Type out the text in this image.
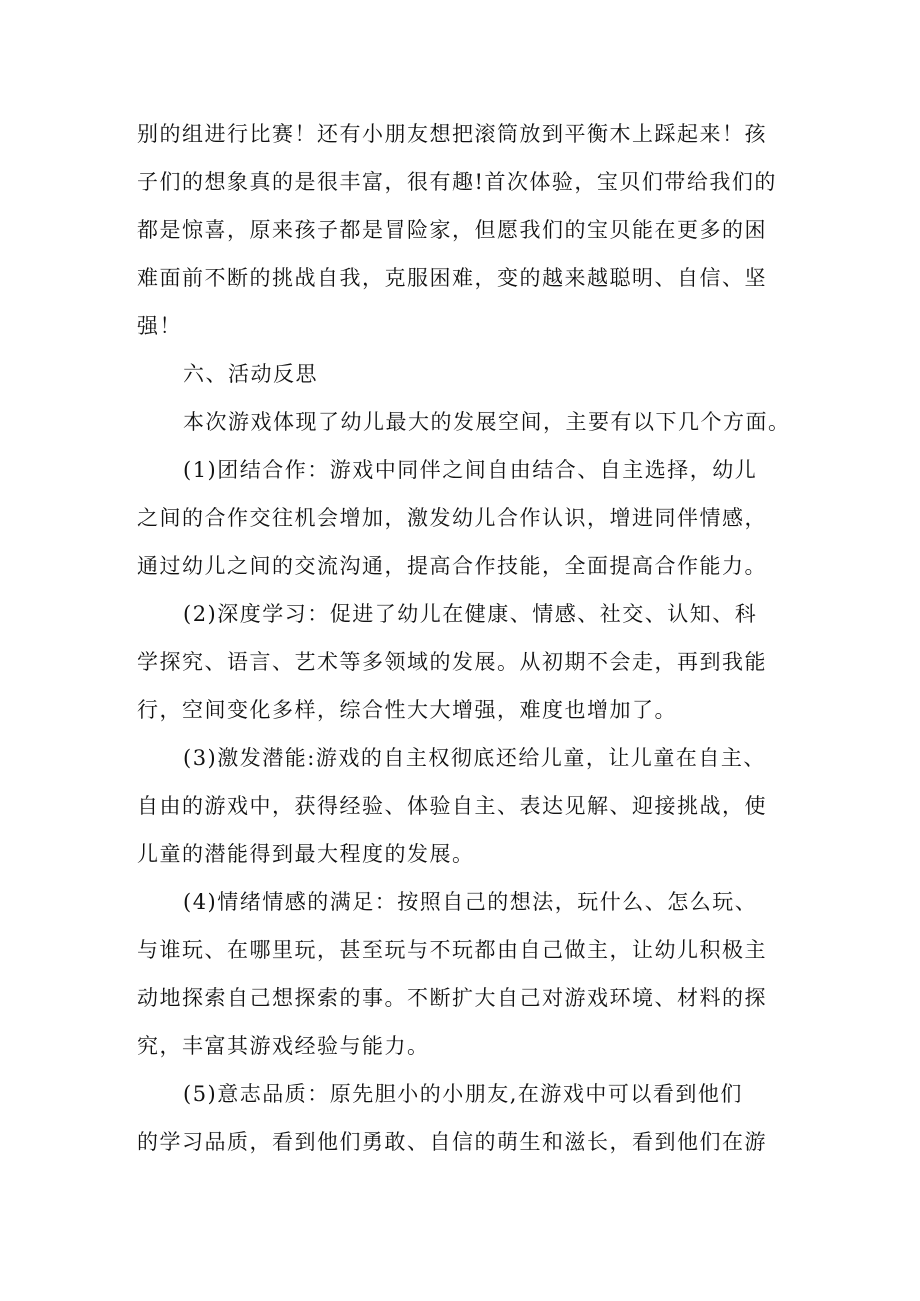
别的组进行比赛！还有小朋友想把滚筒放到平衡木上踩起来！孩
子们的想象真的是很丰富，很有趣!首次体验，宝贝们带给我们的
都是惊喜，原来孩子都是冒险家，但愿我们的宝贝能在更多的困
难面前不断的挑战自我，克服困难，变的越来越聪明、自信、坚
强！
六、活动反思
本次游戏体现了幼儿最大的发展空间，主要有以下几个方面。
(1)团结合作：游戏中同伴之间自由结合、自主选择，幼儿
之间的合作交往机会增加，激发幼儿合作认识，增进同伴情感，
通过幼儿之间的交流沟通，提高合作技能，全面提高合作能力。
(2)深度学习：促进了幼儿在健康、情感、社交、认知、科
学探究、语言、艺术等多领域的发展。从初期不会走，再到我能
行，空间变化多样，综合性大大增强，难度也增加了。
(3)激发潜能:游戏的自主权彻底还给儿童，让儿童在自主、
自由的游戏中，获得经验、体验自主、表达见解、迎接挑战，使
儿童的潜能得到最大程度的发展。
(4)情绪情感的满足：按照自己的想法，玩什么、怎么玩、
与谁玩、在哪里玩，甚至玩与不玩都由自己做主，让幼儿积极主
动地探索自己想探索的事。不断扩大自己对游戏环境、材料的探
究，丰富其游戏经验与能力。
(5)意志品质：原先胆小的小朋友,在游戏中可以看到他们
的学习品质，看到他们勇敢、自信的萌生和滋长，看到他们在游
